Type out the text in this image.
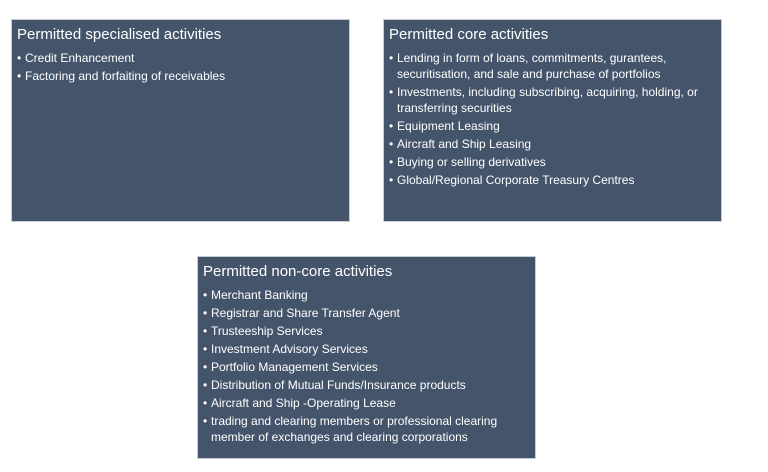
Permitted specialised activities
• Credit Enhancement
• Factoring and forfaiting of receivables
Permitted core activities
• Lending in form of loans, commitments, gurantees, securitisation, and sale and purchase of portfolios
• Investments, including subscribing, acquiring, holding, or transferring securities
• Equipment Leasing
• Aircraft and Ship Leasing
• Buying or selling derivatives
• Global/Regional Corporate Treasury Centres
Permitted non-core activities
• Merchant Banking
• Registrar and Share Transfer Agent
• Trusteeship Services
• Investment Advisory Services
• Portfolio Management Services
• Distribution of Mutual Funds/Insurance products
• Aircraft and Ship -Operating Lease
• trading and clearing members or professional clearing member of exchanges and clearing corporations
